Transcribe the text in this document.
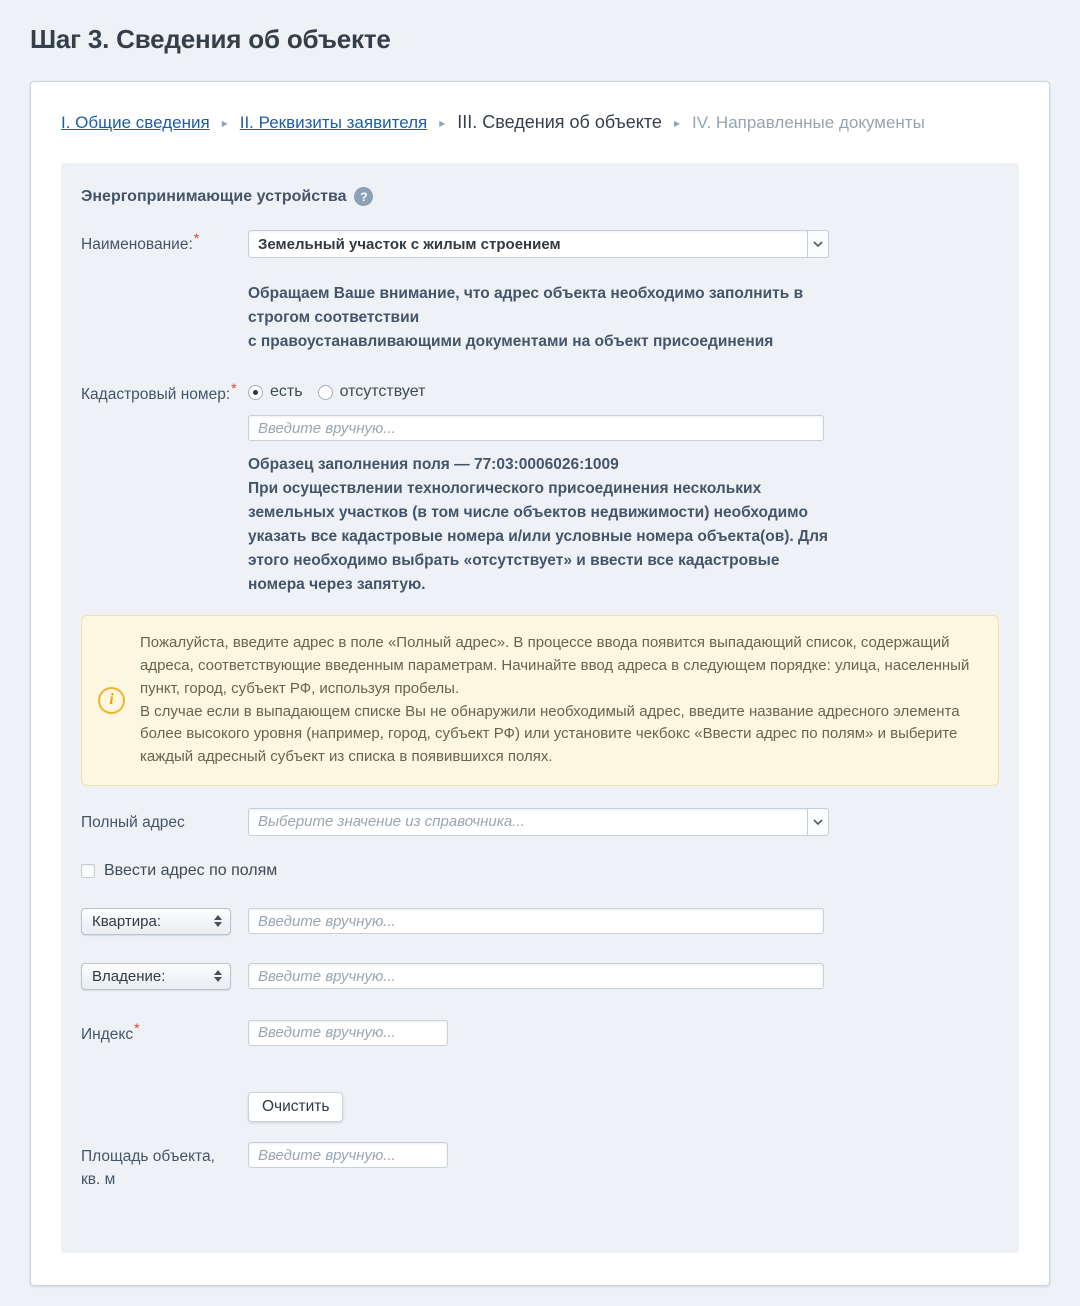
Шаг 3. Сведения об объекте
I. Общие сведения ▸ II. Реквизиты заявителя ▸ III. Сведения об объекте ▸ IV. Направленные документы
Энергопринимающие устройства	?
Наименование:*	Земельный участок с жилым строением
Обращаем Ваше внимание, что адрес объекта необходимо заполнить в строгом соответствии
с правоустанавливающими документами на объект присоединения
Кадастровый номер:*	есть отсутствует
Введите вручную...
Образец заполнения поля — 77:03:0006026:1009
При осуществлении технологического присоединения нескольких земельных участков (в том числе объектов недвижимости) необходимо указать все кадастровые номера и/или условные номера объекта(ов). Для этого необходимо выбрать «отсутствует» и ввести все кадастровые номера через запятую.
i
Пожалуйста, введите адрес в поле «Полный адрес». В процессе ввода появится выпадающий список, содержащий адреса, соответствующие введенным параметрам. Начинайте ввод адреса в следующем порядке: улица, населенный пункт, город, субъект РФ, используя пробелы.
В случае если в выпадающем списке Вы не обнаружили необходимый адрес, введите название адресного элемента более высокого уровня (например, город, субъект РФ) или установите чекбокс «Ввести адрес по полям» и выберите каждый адресный субъект из списка в появившихся полях.
Полный адрес	Выберите значение из справочника...
Ввести адрес по полям
Квартира:
Введите вручную...
Владение:
Введите вручную...
Индекс*
Введите вручную...
Очистить
Площадь объекта,
кв. м
Введите вручную...
